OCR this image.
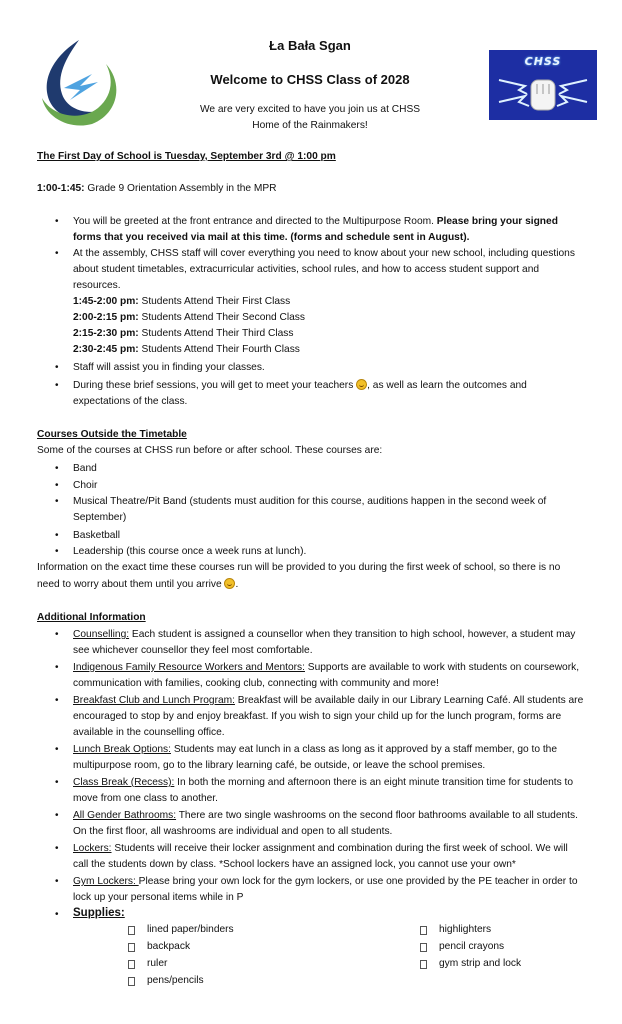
Ła Bała Sgan
Welcome to CHSS Class of 2028
We are very excited to have you join us at CHSS
Home of the Rainmakers!
CHSS
The First Day of School is Tuesday, September 3rd @ 1:00 pm
1:00-1:45: Grade 9 Orientation Assembly in the MPR
•
You will be greeted at the front entrance and directed to the Multipurpose Room. Please bring your signed
forms that you received via mail at this time. (forms and schedule sent in August).
•
At the assembly, CHSS staff will cover everything you need to know about your new school, including questions
about student timetables, extracurricular activities, school rules, and how to access student support and
resources.
1:45-2:00 pm: Students Attend Their First Class
2:00-2:15 pm: Students Attend Their Second Class
2:15-2:30 pm: Students Attend Their Third Class
2:30-2:45 pm: Students Attend Their Fourth Class
•
Staff will assist you in finding your classes.
•
During these brief sessions, you will get to meet your teachers , as well as learn the outcomes and
expectations of the class.
Courses Outside the Timetable
Some of the courses at CHSS run before or after school. These courses are:
•
Band
•
Choir
•
Musical Theatre/Pit Band (students must audition for this course, auditions happen in the second week of
September)
•
Basketball
•
Leadership (this course once a week runs at lunch).
Information on the exact time these courses run will be provided to you during the first week of school, so there is no
need to worry about them until you arrive .
Additional Information
•
Counselling: Each student is assigned a counsellor when they transition to high school, however, a student may
see whichever counsellor they feel most comfortable.
•
Indigenous Family Resource Workers and Mentors: Supports are available to work with students on coursework,
communication with families, cooking club, connecting with community and more!
•
Breakfast Club and Lunch Program: Breakfast will be available daily in our Library Learning Café. All students are
encouraged to stop by and enjoy breakfast. If you wish to sign your child up for the lunch program, forms are
available in the counselling office.
•
Lunch Break Options: Students may eat lunch in a class as long as it approved by a staff member, go to the
multipurpose room, go to the library learning café, be outside, or leave the school premises.
•
Class Break (Recess): In both the morning and afternoon there is an eight minute transition time for students to
move from one class to another.
•
All Gender Bathrooms: There are two single washrooms on the second floor bathrooms available to all students.
On the first floor, all washrooms are individual and open to all students.
•
Lockers: Students will receive their locker assignment and combination during the first week of school. We will
call the students down by class. *School lockers have an assigned lock, you cannot use your own*
•
Gym Lockers: Please bring your own lock for the gym lockers, or use one provided by the PE teacher in order to
lock up your personal items while in P
•
Supplies:
lined paper/binders
backpack
ruler
pens/pencils
highlighters
pencil crayons
gym strip and lock
